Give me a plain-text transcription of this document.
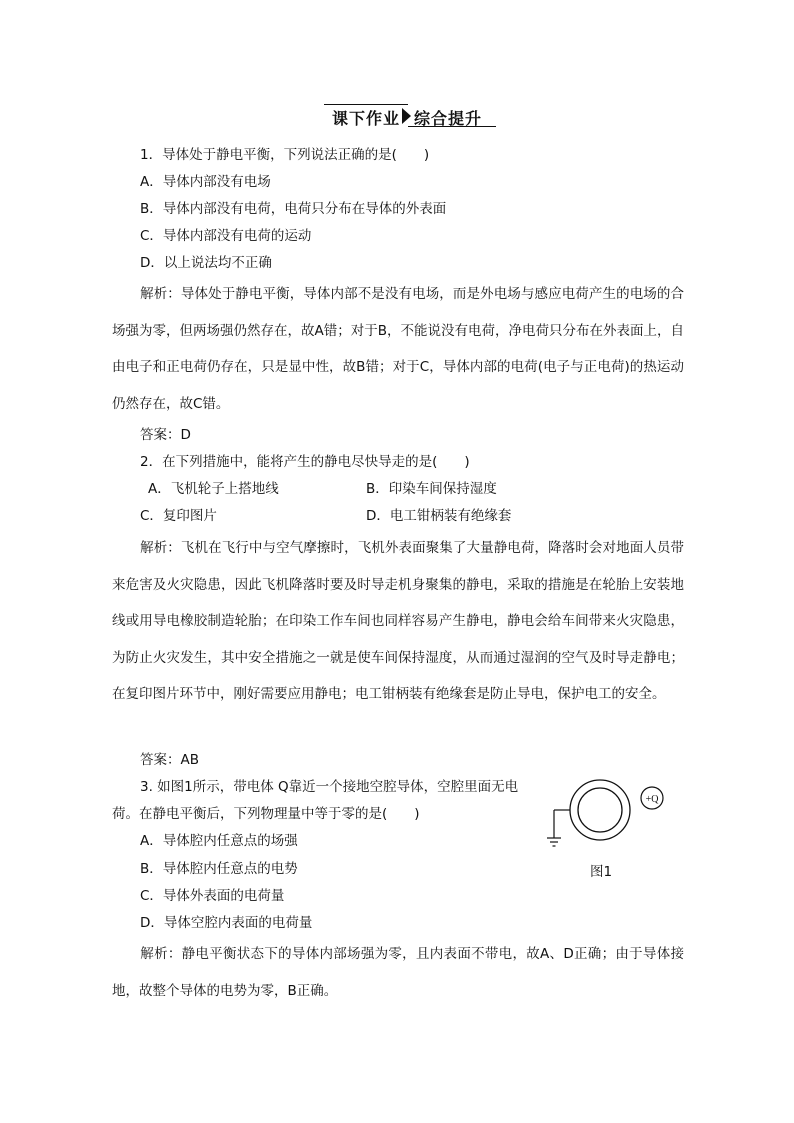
课下作业 综合提升
1．导体处于静电平衡，下列说法正确的是(　　)
A．导体内部没有电场
B．导体内部没有电荷，电荷只分布在导体的外表面
C．导体内部没有电荷的运动
D．以上说法均不正确
解析：导体处于静电平衡，导体内部不是没有电场，而是外电场与感应电荷产生的电场的合场强为零，但两场强仍然存在，故A错；对于B，不能说没有电荷，净电荷只分布在外表面上，自由电子和正电荷仍存在，只是显中性，故B错；对于C，导体内部的电荷(电子与正电荷)的热运动仍然存在，故C错。
答案：D
2．在下列措施中，能将产生的静电尽快导走的是(　　)
A．飞机轮子上搭地线	B．印染车间保持湿度
C．复印图片	D．电工钳柄装有绝缘套
解析：飞机在飞行中与空气摩擦时，飞机外表面聚集了大量静电荷，降落时会对地面人员带来危害及火灾隐患，因此飞机降落时要及时导走机身聚集的静电，采取的措施是在轮胎上安装地线或用导电橡胶制造轮胎；在印染工作车间也同样容易产生静电，静电会给车间带来火灾隐患，为防止火灾发生，其中安全措施之一就是使车间保持湿度，从而通过湿润的空气及时导走静电；在复印图片环节中，刚好需要应用静电；电工钳柄装有绝缘套是防止导电，保护电工的安全。
答案：AB
3. 如图1所示，带电体 Q靠近一个接地空腔导体，空腔里面无电
荷。在静电平衡后，下列物理量中等于零的是(　　)
A．导体腔内任意点的场强
B．导体腔内任意点的电势
C．导体外表面的电荷量
D．导体空腔内表面的电荷量
+Q
图1
解析：静电平衡状态下的导体内部场强为零，且内表面不带电，故A、D正确；由于导体接地，故整个导体的电势为零，B正确。
